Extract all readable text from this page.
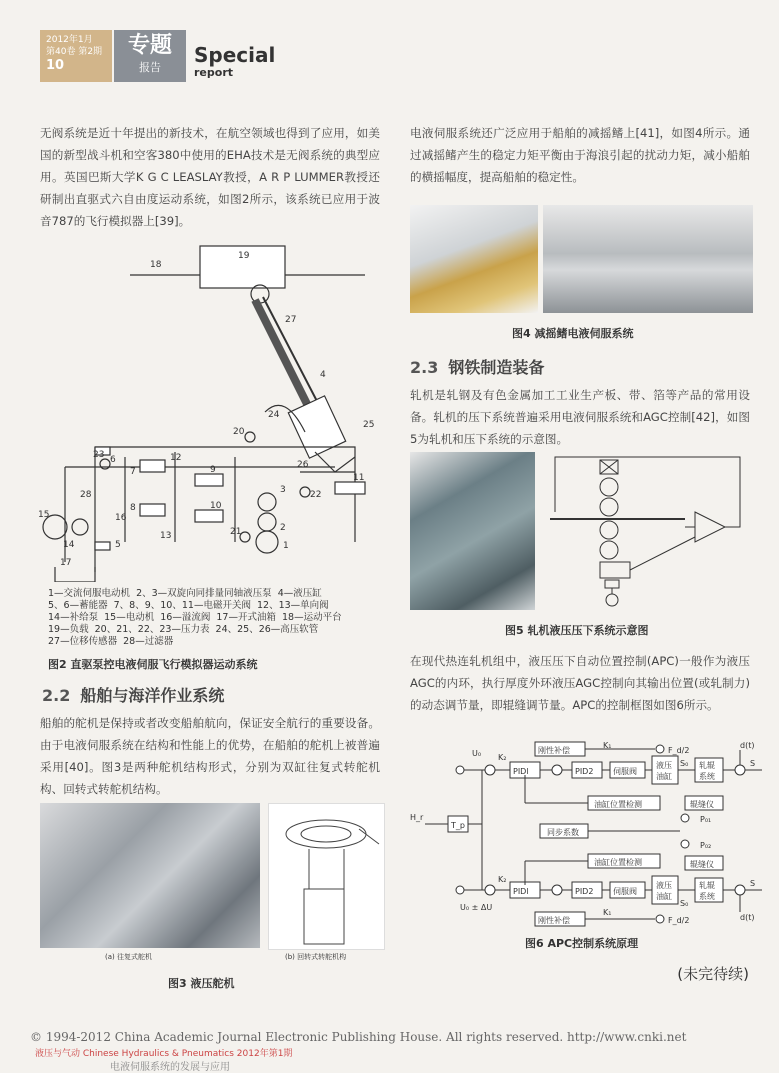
2012年1月
第40卷 第2期
10
专题
报告
Special
report

无阀系统是近十年提出的新技术，在航空领域也得到了应用，如美国的新型战斗机和空客380中使用的EHA技术是无阀系统的典型应用。英国巴斯大学K G C LEASLAY教授，A R P LUMMER教授还研制出直驱式六自由度运动系统，如图2所示，该系统已应用于波音787的飞行模拟器上[39]。

18
19
27
4
24
25
20
26
6
23
7
12
9
3	22
11
28
16
8	10
2
1
15
14
13	21
5
17
1—交流伺服电动机  2、3—双旋向同排量同轴液压泵  4—液压缸
5、6—蓄能器  7、8、9、10、11—电磁开关阀  12、13—单向阀
14—补给泵  15—电动机  16—溢流阀  17—开式油箱  18—运动平台
19—负载  20、21、22、23—压力表  24、25、26—高压软管
27—位移传感器  28—过滤器
图2 直驱泵控电液伺服飞行模拟器运动系统
2.2 船舶与海洋作业系统

船舶的舵机是保持或者改变船舶航向，保证安全航行的重要设备。由于电液伺服系统在结构和性能上的优势，在船舶的舵机上被普遍采用[40]。图3是两种舵机结构形式，分别为双缸往复式转舵机构、回转式转舵机结构。

(a) 往复式舵机	(b) 回转式转舵机构
图3 液压舵机

电液伺服系统还广泛应用于船舶的减摇鳍上[41]，如图4所示。通过减摇鳍产生的稳定力矩平衡由于海浪引起的扰动力矩，减小船舶的横摇幅度，提高船舶的稳定性。

图4 减摇鳍电液伺服系统
2.3 钢铁制造装备

轧机是轧钢及有色金属加工工业生产板、带、箔等产品的常用设备。轧机的压下系统普遍采用电液伺服系统和AGC控制[42]，如图5为轧机和压下系统的示意图。

图5 轧机液压压下系统示意图

在现代热连轧机组中，液压压下自动位置控制(APC)一般作为液压AGC的内环，执行厚度外环液压AGC控制向其输出位置(或轧制力)的动态调节量，即辊缝调节量。APC的控制框图如图6所示。

刚性补偿
刚性补偿
PIDl
PIDl
PID2
PID2
伺服阀
伺服阀
液压
油缸
液压
油缸
轧辊
系统
轧辊
系统
辊缝仪
辊缝仪
油缸位置检测
油缸位置检测
同步系数
K₁
K₁
K₂
K₂
U₀
U₀ ± ΔU
F_d/2
F_d/2
d(t)
d(t)
S
S
S₀
S₀
P₀₁
P₀₂
H_r
T_p
图6 APC控制系统原理
(未完待续)
© 1994-2012 China Academic Journal Electronic Publishing House. All rights reserved. http://www.cnki.net
液压与气动 Chinese Hydraulics & Pneumatics 2012年第1期
电液伺服系统的发展与应用
